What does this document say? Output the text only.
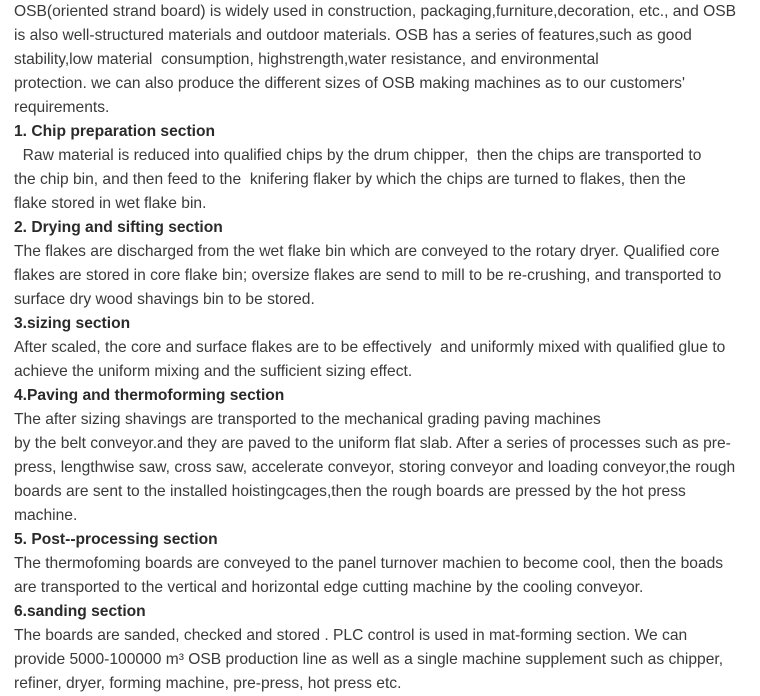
OSB(oriented strand board) is widely used in construction, packaging,furniture,decoration, etc., and OSB
is also well-structured materials and outdoor materials. OSB has a series of features,such as good
stability,low material  consumption, highstrength,water resistance, and environmental
protection. we can also produce the different sizes of OSB making machines as to our customers'
requirements.
1. Chip preparation section
Raw material is reduced into qualified chips by the drum chipper,  then the chips are transported to
the chip bin, and then feed to the  knifering flaker by which the chips are turned to flakes, then the
flake stored in wet flake bin.
2. Drying and sifting section
The flakes are discharged from the wet flake bin which are conveyed to the rotary dryer. Qualified core
flakes are stored in core flake bin; oversize flakes are send to mill to be re-crushing, and transported to
surface dry wood shavings bin to be stored.
3.sizing section
After scaled, the core and surface flakes are to be effectively  and uniformly mixed with qualified glue to
achieve the uniform mixing and the sufficient sizing effect.
4.Paving and thermoforming section
The after sizing shavings are transported to the mechanical grading paving machines
by the belt conveyor.and they are paved to the uniform flat slab. After a series of processes such as pre-
press, lengthwise saw, cross saw, accelerate conveyor, storing conveyor and loading conveyor,the rough
boards are sent to the installed hoistingcages,then the rough boards are pressed by the hot press
machine.
5. Post--processing section
The thermofoming boards are conveyed to the panel turnover machien to become cool, then the boads
are transported to the vertical and horizontal edge cutting machine by the cooling conveyor.
6.sanding section
The boards are sanded, checked and stored . PLC control is used in mat-forming section. We can
provide 5000-100000 m³ OSB production line as well as a single machine supplement such as chipper,
refiner, dryer, forming machine, pre-press, hot press etc.
